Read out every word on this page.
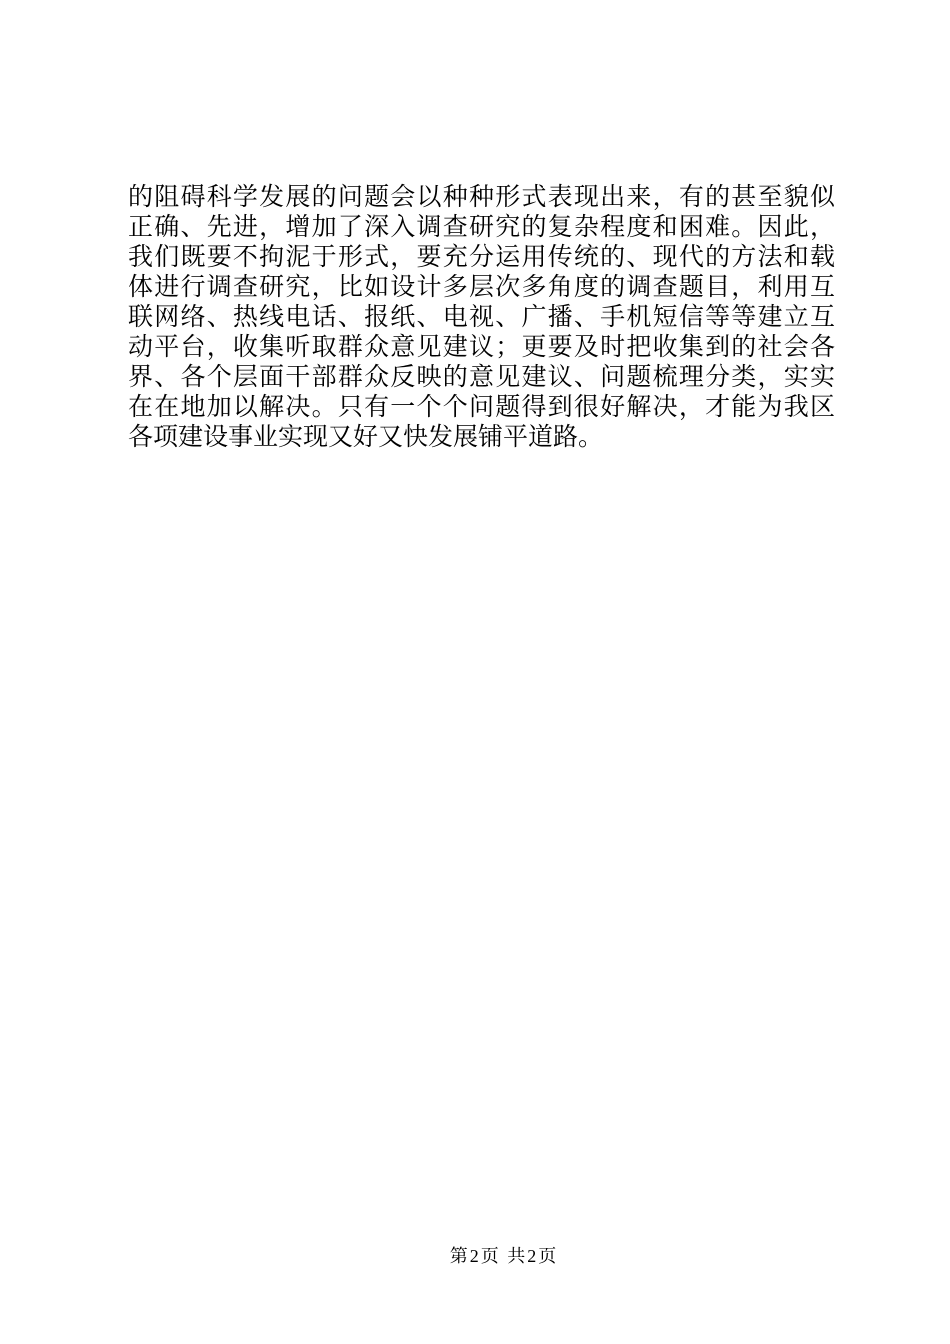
的阻碍科学发展的问题会以种种形式表现出来，有的甚至貌似
正确、先进，增加了深入调查研究的复杂程度和困难。因此，
我们既要不拘泥于形式，要充分运用传统的、现代的方法和载
体进行调查研究，比如设计多层次多角度的调查题目，利用互
联网络、热线电话、报纸、电视、广播、手机短信等等建立互
动平台，收集听取群众意见建议；更要及时把收集到的社会各
界、各个层面干部群众反映的意见建议、问题梳理分类，实实
在在地加以解决。只有一个个问题得到很好解决，才能为我区
各项建设事业实现又好又快发展铺平道路。
第2页 共2页
